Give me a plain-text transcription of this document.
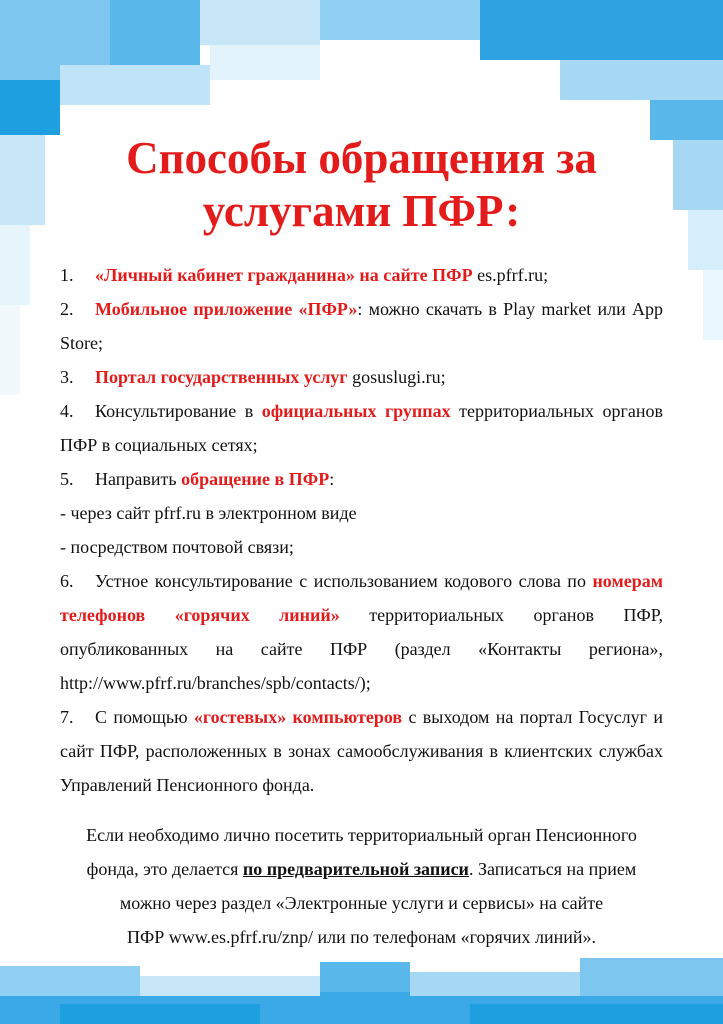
Способы обращения за
услугами ПФР:

1. «Личный кабинет гражданина» на сайте ПФР es.pfrf.ru;

2. Мобильное приложение «ПФР»: можно скачать в Play market или App Store;

3. Портал государственных услуг gosuslugi.ru;

4. Консультирование в официальных группах территориальных органов ПФР в социальных сетях;

5. Направить обращение в ПФР:

- через сайт pfrf.ru в электронном виде

- посредством почтовой связи;

6. Устное консультирование с использованием кодового слова по номерам телефонов «горячих линий» территориальных органов ПФР, опубликованных на сайте ПФР (раздел «Контакты региона», http://www.pfrf.ru/branches/spb/contacts/);

7. С помощью «гостевых» компьютеров с выходом на портал Госуслуг и сайт ПФР, расположенных в зонах самообслуживания в клиентских службах Управлений Пенсионного фонда.

Если необходимо лично посетить территориальный орган Пенсионного

фонда, это делается по предварительной записи. Записаться на прием

можно через раздел «Электронные услуги и сервисы» на сайте

ПФР www.es.pfrf.ru/znp/ или по телефонам «горячих линий».
